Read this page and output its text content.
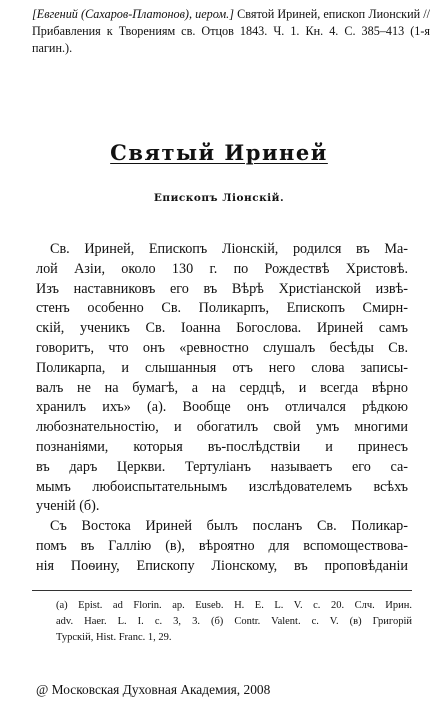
[Евгений (Сахаров-Платонов), иером.] Святой Ириней, епископ Лионский // Прибавления к Творениям св. Отцов 1843. Ч. 1. Кн. 4. С. 385–413 (1-я пагин.).
Святый Ириней
Епископъ Лiонскiй.
Св. Ириней, Епископъ Лiонскiй, родился въ Ма-
лой Азiи, около 130 г. по Рождествѣ Христовѣ.
Изъ наставниковъ его въ Вѣрѣ Христiанской извѣ-
стенъ особенно Св. Поликарпъ, Епископъ Смирн-
скiй, ученикъ Св. Iоанна Богослова. Ириней самъ
говоритъ, что онъ «ревностно слушалъ бесѣды Св.
Поликарпа, и слышанныя отъ него слова записы-
валъ не на бумагѣ, а на сердцѣ, и всегда вѣрно
хранилъ ихъ» (а). Вообще онъ отличался рѣдкою
любознательностiю, и обогатилъ свой умъ многими
познанiями, которыя въ-послѣдствiи и принесъ
въ даръ Церкви. Тертулiанъ называетъ его са-
мымъ любоиспытательнымъ изслѣдователемъ всѣхъ
ученiй (б).
Съ Востока Ириней былъ посланъ Св. Поликар-
помъ въ Галлiю (в), вѣроятно для вспомоществова-
нiя Поѳину, Епископу Лiонскому, въ проповѣданiи
(а) Epist. ad Florin. ap. Euseb. H. E. L. V. c. 20. Слч. Ирин.
adv. Haer. L. I. c. 3, 3. (б) Contr. Valent. c. V. (в) Григорiй
Турскiй, Hist. Franc. 1, 29.
@ Московская Духовная Академия, 2008
